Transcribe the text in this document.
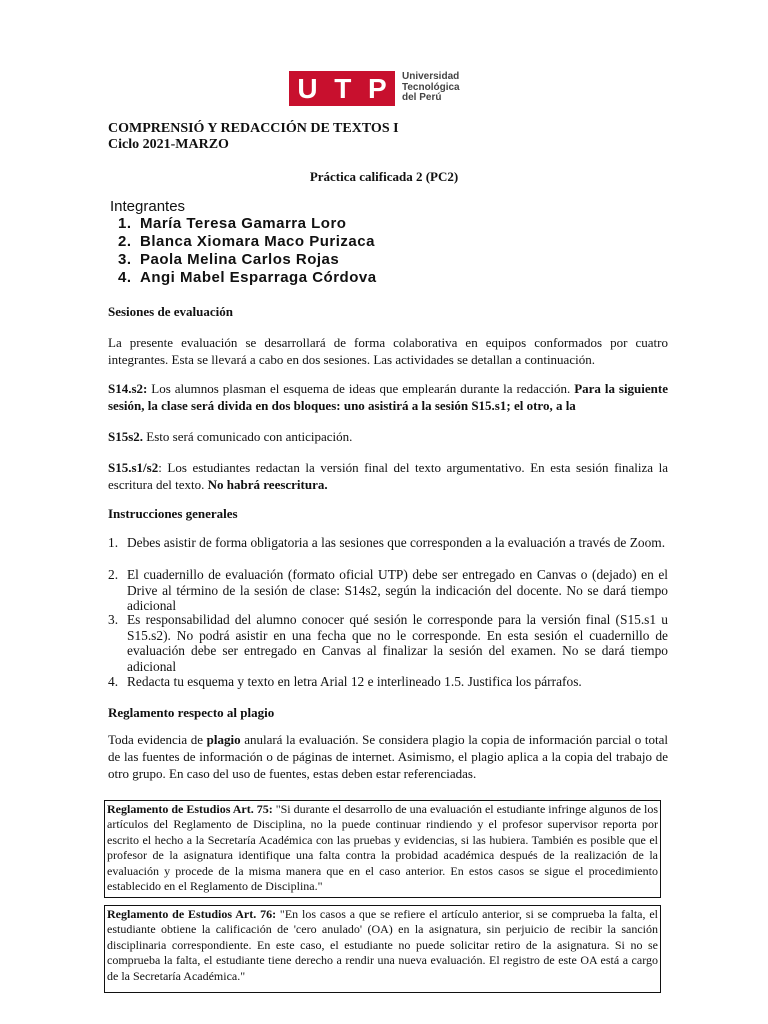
U T P Universidad
Tecnológica
del Perú
COMPRENSIÓ Y REDACCIÓN DE TEXTOS I
Ciclo 2021-MARZO
Práctica calificada 2 (PC2)
Integrantes
1. María Teresa Gamarra Loro
2. Blanca Xiomara Maco Purizaca
3. Paola Melina Carlos Rojas
4. Angi Mabel Esparraga Córdova
Sesiones de evaluación
La presente evaluación se desarrollará de forma colaborativa en equipos conformados por cuatro integrantes. Esta se llevará a cabo en dos sesiones. Las actividades se detallan a continuación.
S14.s2: Los alumnos plasman el esquema de ideas que emplearán durante la redacción. Para la siguiente sesión, la clase será divida en dos bloques: uno asistirá a la sesión S15.s1; el otro, a la
S15s2. Esto será comunicado con anticipación.
S15.s1/s2: Los estudiantes redactan la versión final del texto argumentativo. En esta sesión finaliza la escritura del texto. No habrá reescritura.
Instrucciones generales
1. Debes asistir de forma obligatoria a las sesiones que corresponden a la evaluación a través de Zoom.
2. El cuadernillo de evaluación (formato oficial UTP) debe ser entregado en Canvas o (dejado) en el Drive al término de la sesión de clase: S14s2, según la indicación del docente. No se dará tiempo adicional
3. Es responsabilidad del alumno conocer qué sesión le corresponde para la versión final (S15.s1 u S15.s2). No podrá asistir en una fecha que no le corresponde. En esta sesión el cuadernillo de evaluación debe ser entregado en Canvas al finalizar la sesión del examen. No se dará tiempo adicional
4. Redacta tu esquema y texto en letra Arial 12 e interlineado 1.5. Justifica los párrafos.
Reglamento respecto al plagio
Toda evidencia de plagio anulará la evaluación. Se considera plagio la copia de información parcial o total de las fuentes de información o de páginas de internet. Asimismo, el plagio aplica a la copia del trabajo de otro grupo. En caso del uso de fuentes, estas deben estar referenciadas.
Reglamento de Estudios Art. 75: "Si durante el desarrollo de una evaluación el estudiante infringe algunos de los artículos del Reglamento de Disciplina, no la puede continuar rindiendo y el profesor supervisor reporta por escrito el hecho a la Secretaría Académica con las pruebas y evidencias, si las hubiera. También es posible que el profesor de la asignatura identifique una falta contra la probidad académica después de la realización de la evaluación y procede de la misma manera que en el caso anterior. En estos casos se sigue el procedimiento establecido en el Reglamento de Disciplina."
Reglamento de Estudios Art. 76: "En los casos a que se refiere el artículo anterior, si se comprueba la falta, el estudiante obtiene la calificación de 'cero anulado' (OA) en la asignatura, sin perjuicio de recibir la sanción disciplinaria correspondiente. En este caso, el estudiante no puede solicitar retiro de la asignatura. Si no se comprueba la falta, el estudiante tiene derecho a rendir una nueva evaluación. El registro de este OA está a cargo de la Secretaría Académica."
